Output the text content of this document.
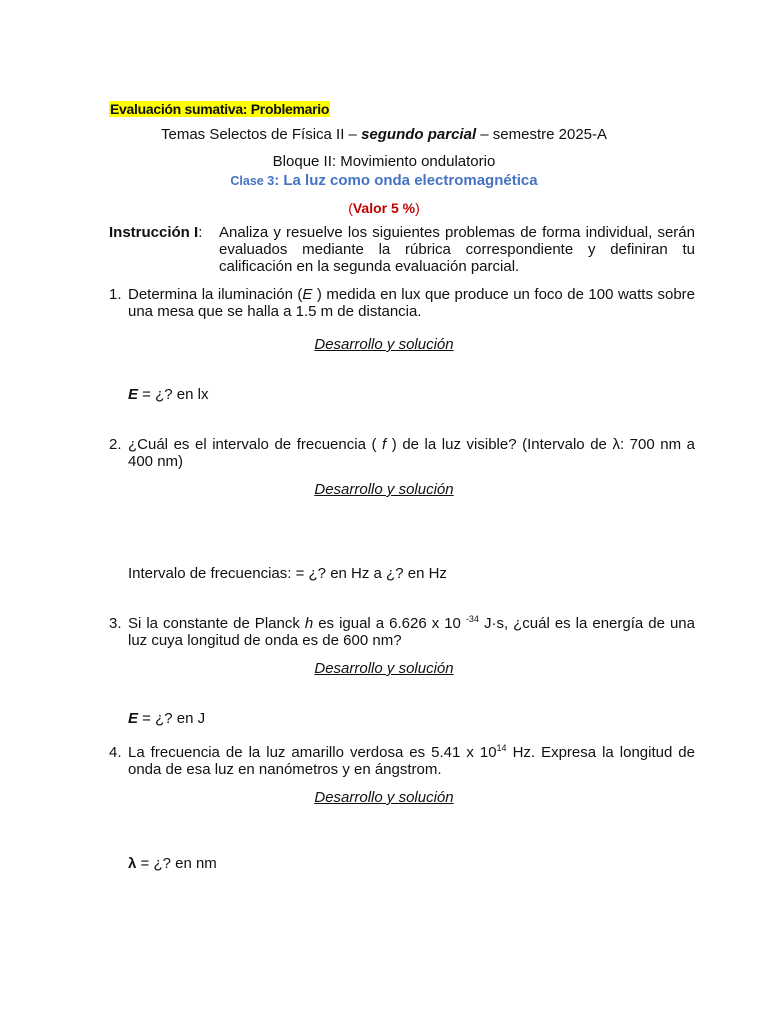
Evaluación sumativa: Problemario
Temas Selectos de Física II – segundo parcial – semestre 2025-A
Bloque II: Movimiento ondulatorio
Clase 3: La luz como onda electromagnética
(Valor 5 %)
Instrucción I: Analiza y resuelve los siguientes problemas de forma individual, serán evaluados mediante la rúbrica correspondiente y definiran tu calificación en la segunda evaluación parcial.
1. Determina la iluminación (E ) medida en lux que produce un foco de 100 watts sobre una mesa que se halla a 1.5 m de distancia.
Desarrollo y solución
E = ¿? en lx
2. ¿Cuál es el intervalo de frecuencia ( f ) de la luz visible? (Intervalo de λ: 700 nm a 400 nm)
Desarrollo y solución
Intervalo de frecuencias: = ¿? en Hz a ¿? en Hz
3. Si la constante de Planck h es igual a 6.626 x 10 $^{-34}$ J·s, ¿cuál es la energía de una luz cuya longitud de onda es de 600 nm?
Desarrollo y solución
E = ¿? en J
4. La frecuencia de la luz amarillo verdosa es 5.41 x $10^{14}$ Hz. Expresa la longitud de onda de esa luz en nanómetros y en ángstrom.
Desarrollo y solución
λ = ¿? en nm
